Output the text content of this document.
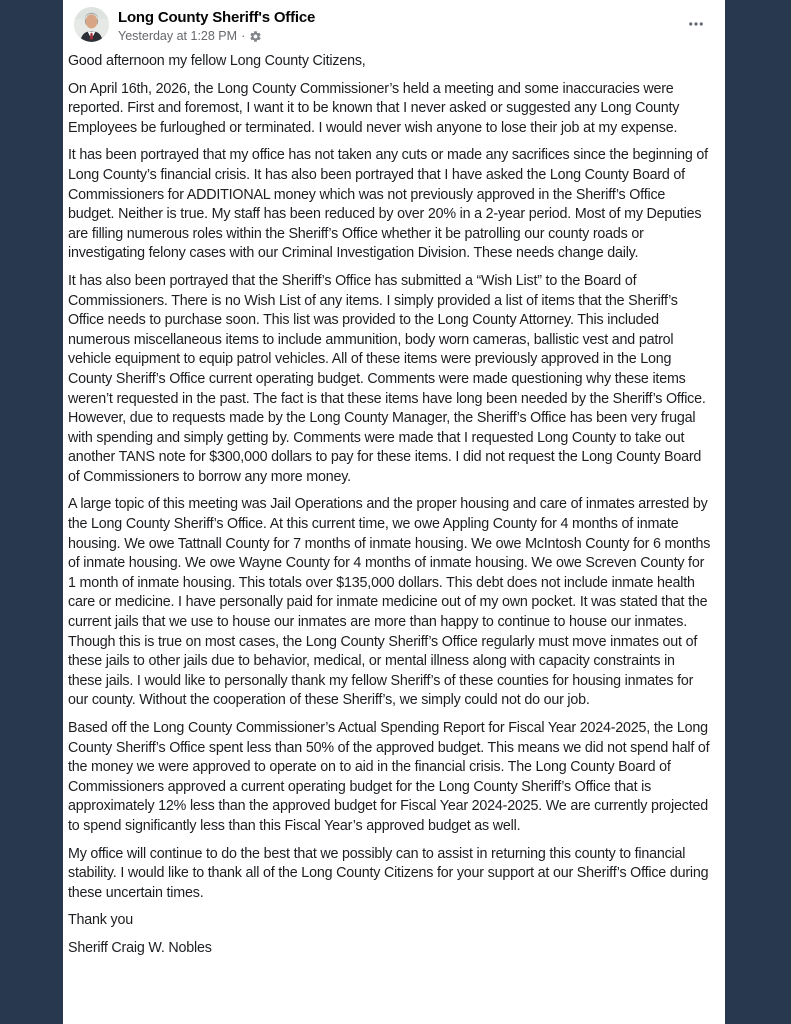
Long County Sheriff's Office
Yesterday at 1:28 PM ·

Good afternoon my fellow Long County Citizens,

On April 16th, 2026, the Long County Commissioner’s held a meeting and some inaccuracies were reported. First and foremost, I want it to be known that I never asked or suggested any Long County Employees be furloughed or terminated. I would never wish anyone to lose their job at my expense.

It has been portrayed that my office has not taken any cuts or made any sacrifices since the beginning of Long County’s financial crisis. It has also been portrayed that I have asked the Long County Board of Commissioners for ADDITIONAL money which was not previously approved in the Sheriff’s Office budget. Neither is true. My staff has been reduced by over 20% in a 2-year period. Most of my Deputies are filling numerous roles within the Sheriff’s Office whether it be patrolling our county roads or investigating felony cases with our Criminal Investigation Division. These needs change daily.

It has also been portrayed that the Sheriff’s Office has submitted a “Wish List” to the Board of Commissioners. There is no Wish List of any items. I simply provided a list of items that the Sheriff’s Office needs to purchase soon. This list was provided to the Long County Attorney. This included numerous miscellaneous items to include ammunition, body worn cameras, ballistic vest and patrol vehicle equipment to equip patrol vehicles. All of these items were previously approved in the Long County Sheriff’s Office current operating budget. Comments were made questioning why these items weren’t requested in the past. The fact is that these items have long been needed by the Sheriff’s Office. However, due to requests made by the Long County Manager, the Sheriff’s Office has been very frugal with spending and simply getting by. Comments were made that I requested Long County to take out another TANS note for $300,000 dollars to pay for these items. I did not request the Long County Board of Commissioners to borrow any more money.

A large topic of this meeting was Jail Operations and the proper housing and care of inmates arrested by the Long County Sheriff’s Office. At this current time, we owe Appling County for 4 months of inmate housing. We owe Tattnall County for 7 months of inmate housing. We owe McIntosh County for 6 months of inmate housing. We owe Wayne County for 4 months of inmate housing. We owe Screven County for 1 month of inmate housing. This totals over $135,000 dollars. This debt does not include inmate health care or medicine. I have personally paid for inmate medicine out of my own pocket. It was stated that the current jails that we use to house our inmates are more than happy to continue to house our inmates. Though this is true on most cases, the Long County Sheriff’s Office regularly must move inmates out of these jails to other jails due to behavior, medical, or mental illness along with capacity constraints in these jails. I would like to personally thank my fellow Sheriff’s of these counties for housing inmates for our county. Without the cooperation of these Sheriff’s, we simply could not do our job.

Based off the Long County Commissioner’s Actual Spending Report for Fiscal Year 2024-2025, the Long County Sheriff’s Office spent less than 50% of the approved budget. This means we did not spend half of the money we were approved to operate on to aid in the financial crisis. The Long County Board of Commissioners approved a current operating budget for the Long County Sheriff’s Office that is approximately 12% less than the approved budget for Fiscal Year 2024-2025. We are currently projected to spend significantly less than this Fiscal Year’s approved budget as well.

My office will continue to do the best that we possibly can to assist in returning this county to financial stability. I would like to thank all of the Long County Citizens for your support at our Sheriff’s Office during these uncertain times.

Thank you

Sheriff Craig W. Nobles
